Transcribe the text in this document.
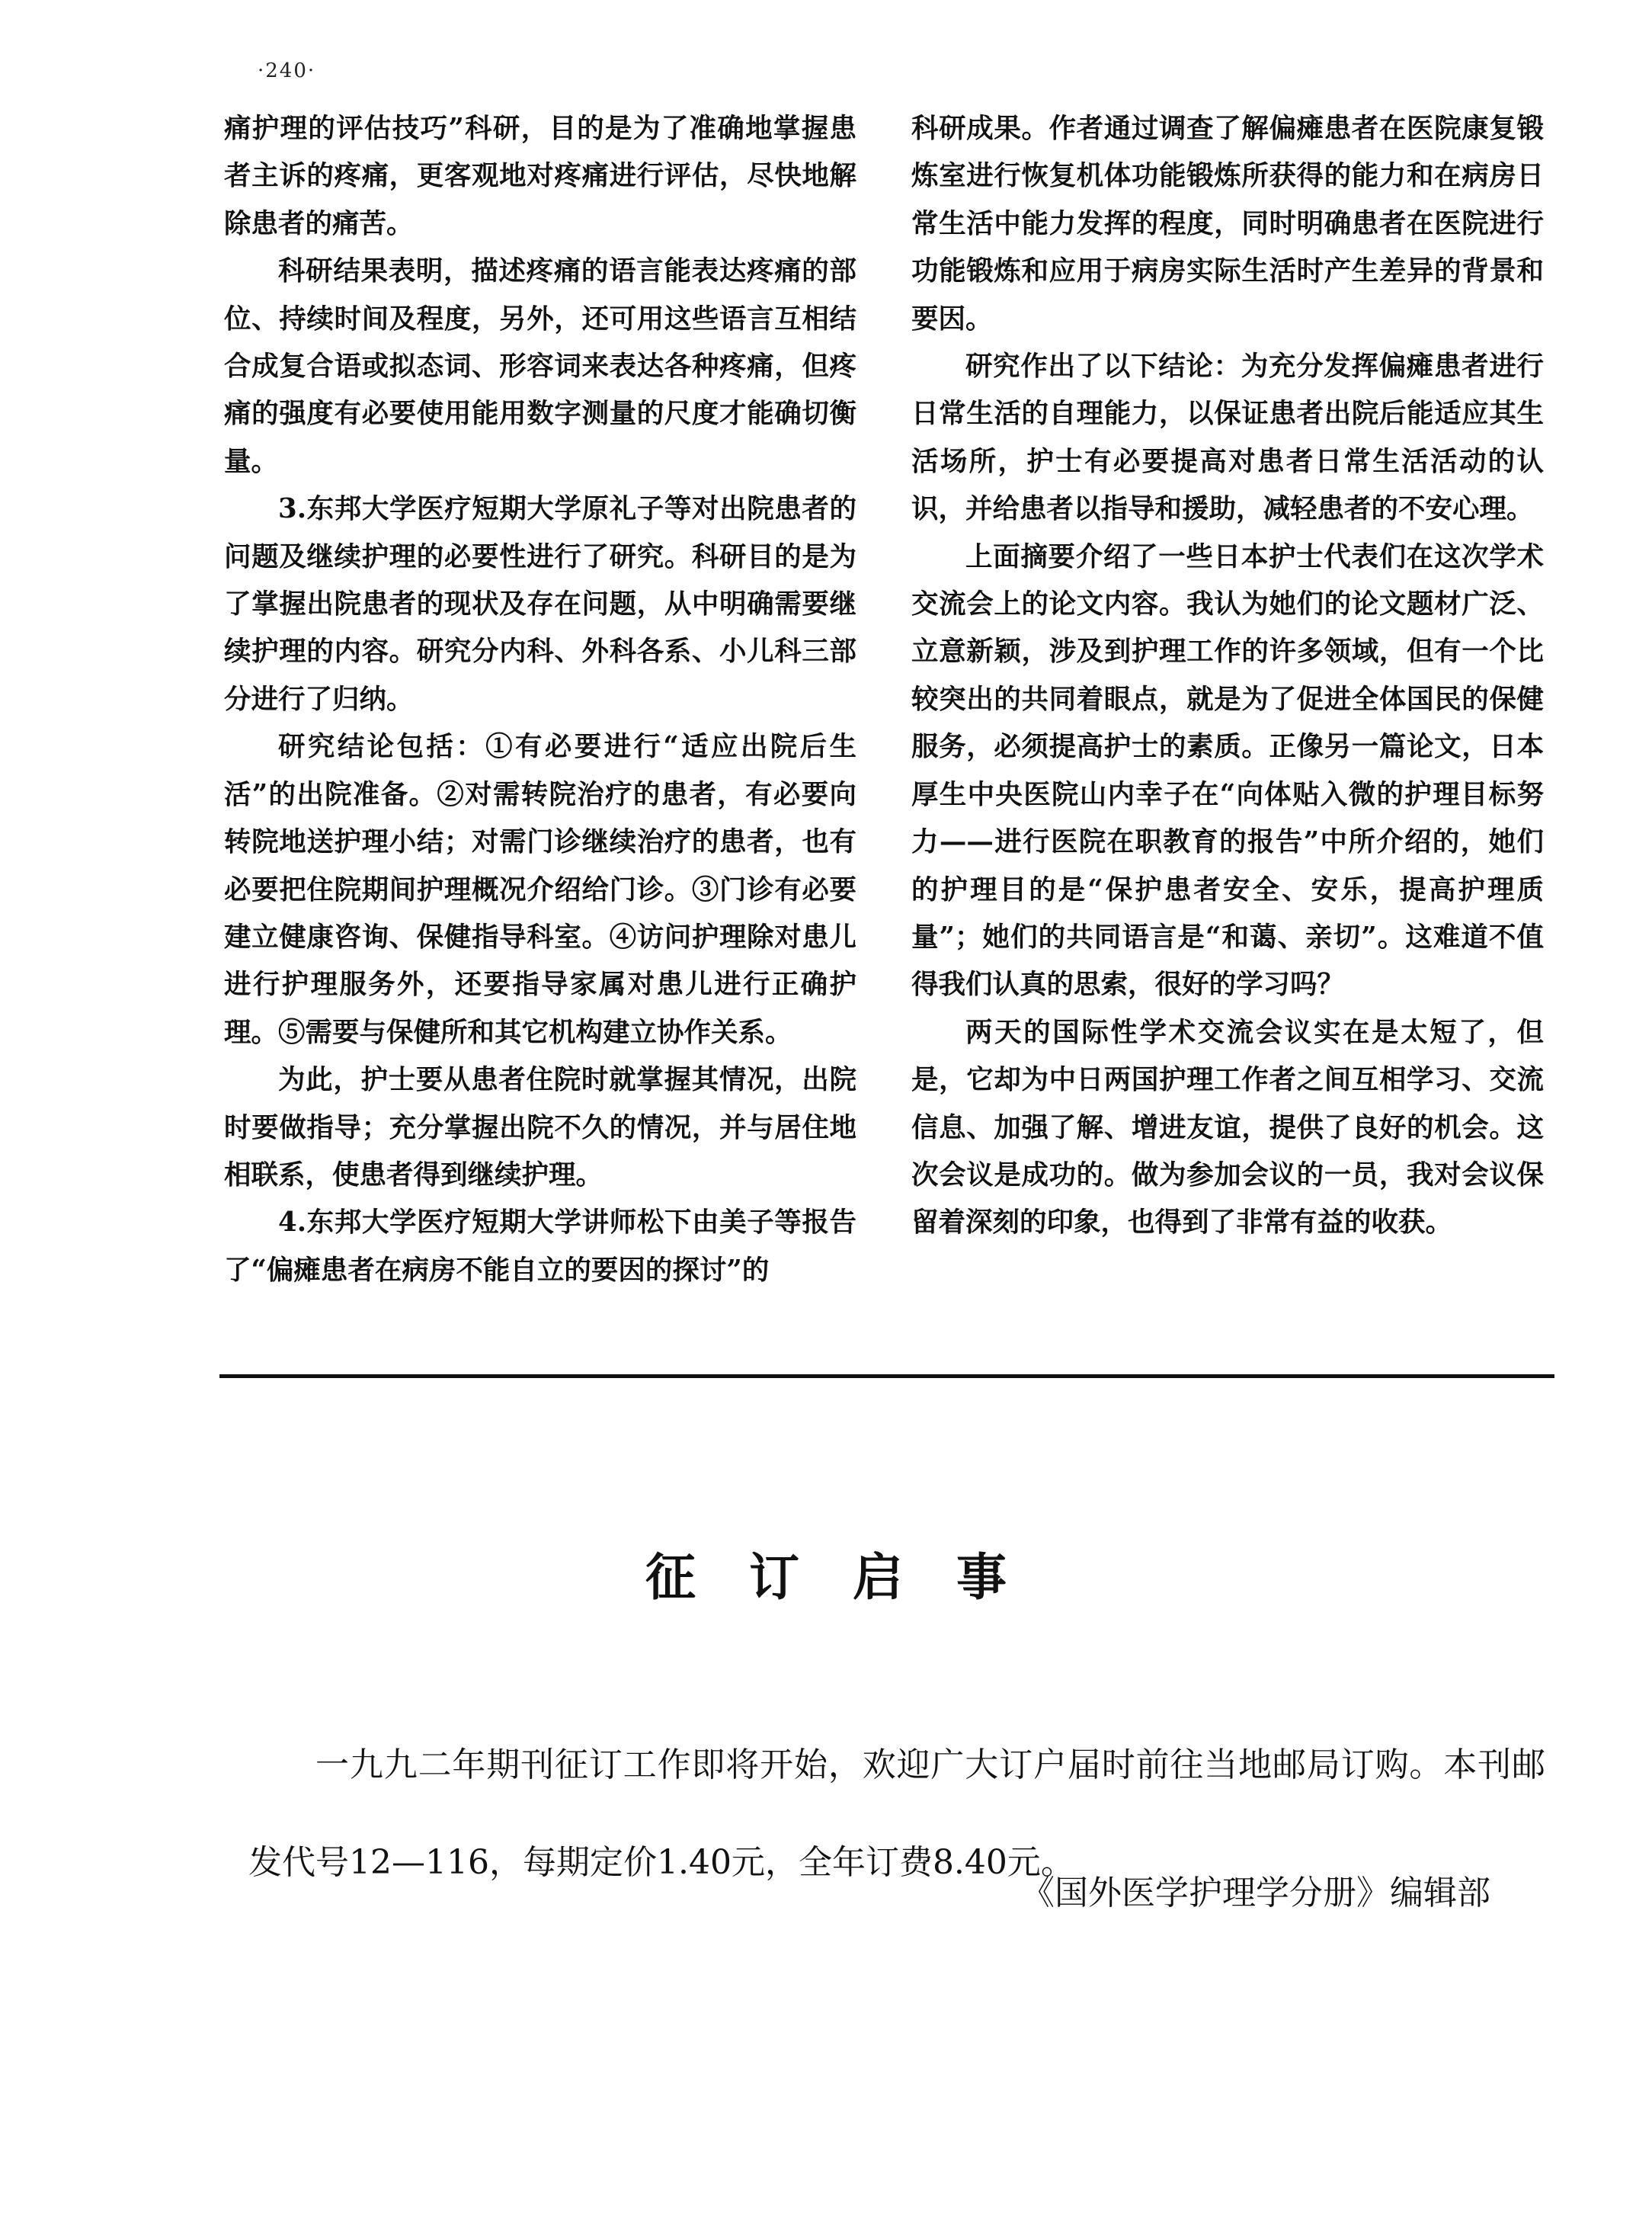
·240·

痛护理的评估技巧”科研，目的是为了准确地掌握患者主诉的疼痛，更客观地对疼痛进行评估，尽快地解除患者的痛苦。

科研结果表明，描述疼痛的语言能表达疼痛的部位、持续时间及程度，另外，还可用这些语言互相结合成复合语或拟态词、形容词来表达各种疼痛，但疼痛的强度有必要使用能用数字测量的尺度才能确切衡量。

3.东邦大学医疗短期大学原礼子等对出院患者的问题及继续护理的必要性进行了研究。科研目的是为了掌握出院患者的现状及存在问题，从中明确需要继续护理的内容。研究分内科、外科各系、小儿科三部分进行了归纳。

研究结论包括：①有必要进行“适应出院后生活”的出院准备。②对需转院治疗的患者，有必要向转院地送护理小结；对需门诊继续治疗的患者，也有必要把住院期间护理概况介绍给门诊。③门诊有必要建立健康咨询、保健指导科室。④访问护理除对患儿进行护理服务外，还要指导家属对患儿进行正确护理。⑤需要与保健所和其它机构建立协作关系。

为此，护士要从患者住院时就掌握其情况，出院时要做指导；充分掌握出院不久的情况，并与居住地相联系，使患者得到继续护理。

4.东邦大学医疗短期大学讲师松下由美子等报告了“偏瘫患者在病房不能自立的要因的探讨”的

科研成果。作者通过调查了解偏瘫患者在医院康复锻炼室进行恢复机体功能锻炼所获得的能力和在病房日常生活中能力发挥的程度，同时明确患者在医院进行功能锻炼和应用于病房实际生活时产生差异的背景和要因。

研究作出了以下结论：为充分发挥偏瘫患者进行日常生活的自理能力，以保证患者出院后能适应其生活场所，护士有必要提高对患者日常生活活动的认识，并给患者以指导和援助，减轻患者的不安心理。

上面摘要介绍了一些日本护士代表们在这次学术交流会上的论文内容。我认为她们的论文题材广泛、立意新颖，涉及到护理工作的许多领域，但有一个比较突出的共同着眼点，就是为了促进全体国民的保健服务，必须提高护士的素质。正像另一篇论文，日本厚生中央医院山内幸子在“向体贴入微的护理目标努力——进行医院在职教育的报告”中所介绍的，她们的护理目的是“保护患者安全、安乐，提高护理质量”；她们的共同语言是“和蔼、亲切”。这难道不值得我们认真的思索，很好的学习吗？

两天的国际性学术交流会议实在是太短了，但是，它却为中日两国护理工作者之间互相学习、交流信息、加强了解、增进友谊，提供了良好的机会。这次会议是成功的。做为参加会议的一员，我对会议保留着深刻的印象，也得到了非常有益的收获。

征订启事

一九九二年期刊征订工作即将开始，欢迎广大订户届时前往当地邮局订购。本刊邮发代号12—116，每期定价1.40元，全年订费8.40元。

《国外医学护理学分册》编辑部
